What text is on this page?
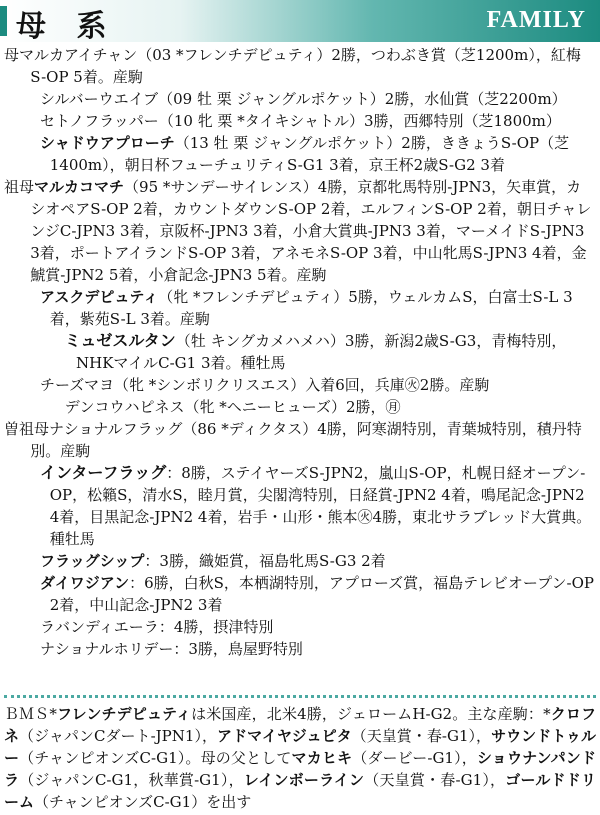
母 系	FAMILY

母マルカアイチャン（03 *フレンチデピュティ）2勝，つわぶき賞（芝1200m），紅梅S-OP 5着。産駒

シルバーウエイブ（09 牡 栗 ジャングルポケット）2勝，水仙賞（芝2200m）

セトノフラッパー（10 牝 栗 *タイキシャトル）3勝，西郷特別（芝1800m）

シャドウアプローチ（13 牡 栗 ジャングルポケット）2勝，ききょうS-OP（芝1400m），朝日杯フューチュリティS-G1 3着，京王杯2歳S-G2 3着

祖母マルカコマチ（95 *サンデーサイレンス）4勝，京都牝馬特別-JPN3，矢車賞，カシオペアS-OP 2着，カウントダウンS-OP 2着，エルフィンS-OP 2着，朝日チャレンジC-JPN3 3着，京阪杯-JPN3 3着，小倉大賞典-JPN3 3着，マーメイドS-JPN3 3着，ポートアイランドS-OP 3着，アネモネS-OP 3着，中山牝馬S-JPN3 4着，金鯱賞-JPN2 5着，小倉記念-JPN3 5着。産駒

アスクデピュティ（牝 *フレンチデピュティ）5勝，ウェルカムS，白富士S-L 3着，紫苑S-L 3着。産駒

ミュゼスルタン（牡 キングカメハメハ）3勝，新潟2歳S-G3，青梅特別，NHKマイルC-G1 3着。種牡馬

チーズマヨ（牝 *シンボリクリスエス）入着6回，兵庫㊋2勝。産駒

デンコウハピネス（牝 *ヘニーヒューズ）2勝，㊊

曽祖母ナショナルフラッグ（86 *ディクタス）4勝，阿寒湖特別，青葉城特別，積丹特別。産駒

インターフラッグ：8勝，ステイヤーズS-JPN2，嵐山S-OP，札幌日経オープン-OP，松籟S，清水S，睦月賞，尖閣湾特別，日経賞-JPN2 4着，鳴尾記念-JPN2 4着，目黒記念-JPN2 4着，岩手・山形・熊本㊋4勝，東北サラブレッド大賞典。種牡馬

フラッグシップ：3勝，織姫賞，福島牝馬S-G3 2着

ダイワジアン：6勝，白秋S，本栖湖特別，アプローズ賞，福島テレビオープン-OP 2着，中山記念-JPN2 3着

ラバンディエーラ：4勝，摂津特別

ナショナルホリデー：3勝，鳥屋野特別

ＢＭＳ*フレンチデピュティは米国産，北米4勝，ジェロームH-G2。主な産駒：*クロフネ（ジャパンCダート-JPN1），アドマイヤジュピタ（天皇賞・春-G1），サウンドトゥルー（チャンピオンズC-G1）。母の父としてマカヒキ（ダービー-G1），ショウナンパンドラ（ジャパンC-G1，秋華賞-G1），レインボーライン（天皇賞・春-G1），ゴールドドリーム（チャンピオンズC-G1）を出す
